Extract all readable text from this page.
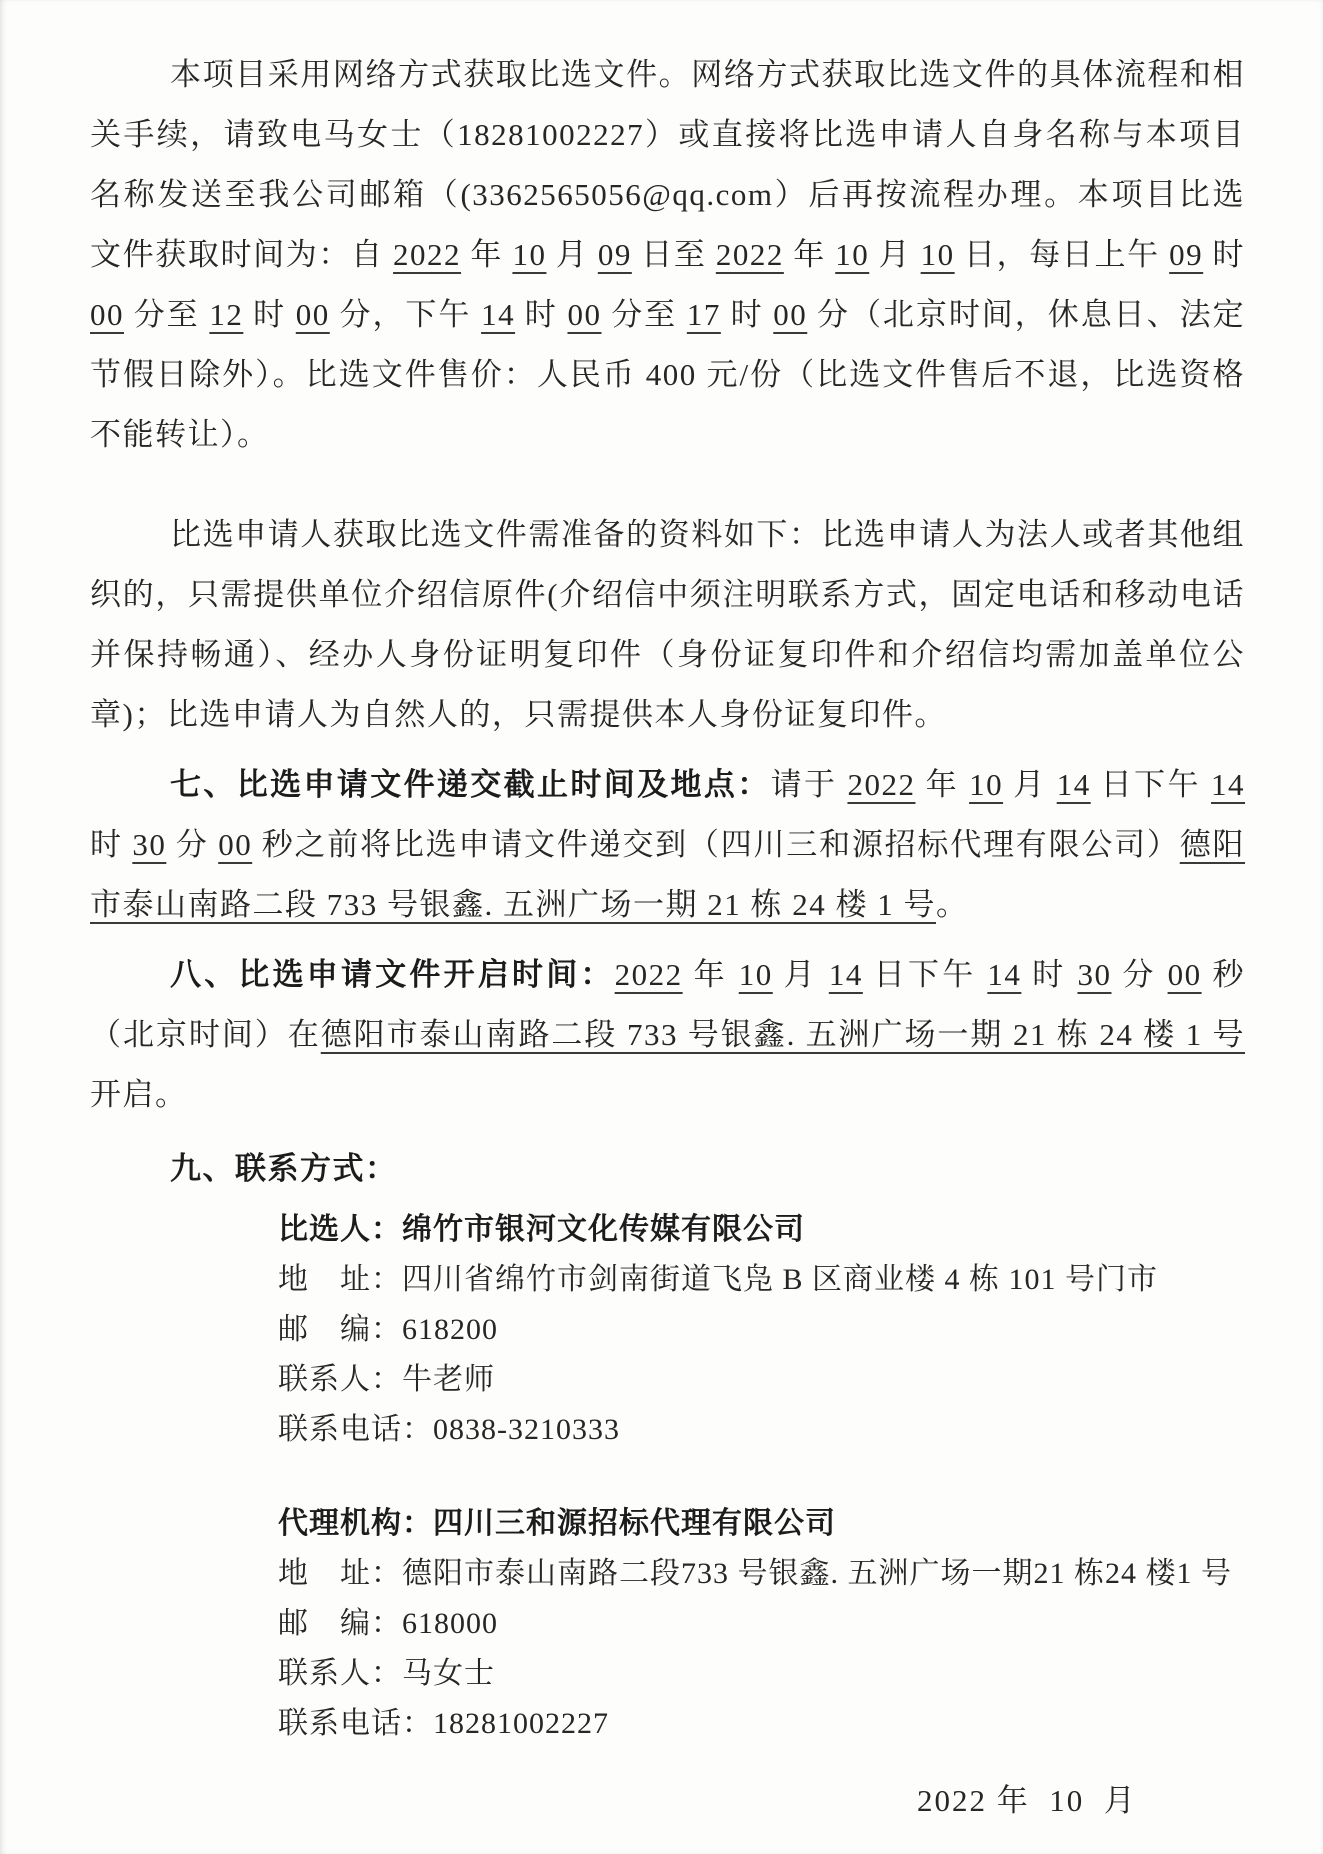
本项目采用网络方式获取比选文件。网络方式获取比选文件的具体流程和相关手续，请致电马女士（18281002227）或直接将比选申请人自身名称与本项目名称发送至我公司邮箱（(3362565056@qq.com）后再按流程办理。本项目比选文件获取时间为：自 2022 年 10 月 09 日至 2022 年 10 月 10 日，每日上午 09 时 00 分至 12 时 00 分，下午 14 时 00 分至 17 时 00 分（北京时间，休息日、法定节假日除外）。比选文件售价：人民币 400 元/份（比选文件售后不退，比选资格不能转让）。

比选申请人获取比选文件需准备的资料如下：比选申请人为法人或者其他组织的，只需提供单位介绍信原件(介绍信中须注明联系方式，固定电话和移动电话并保持畅通）、经办人身份证明复印件（身份证复印件和介绍信均需加盖单位公章)；比选申请人为自然人的，只需提供本人身份证复印件。

七、比选申请文件递交截止时间及地点：请于 2022 年 10 月 14 日下午 14 时 30 分 00 秒之前将比选申请文件递交到（四川三和源招标代理有限公司）德阳市泰山南路二段 733 号银鑫. 五洲广场一期 21 栋 24 楼 1 号。

八、比选申请文件开启时间：2022 年 10 月 14 日下午 14 时 30 分 00 秒（北京时间）在德阳市泰山南路二段 733 号银鑫. 五洲广场一期 21 栋 24 楼 1 号开启。

九、联系方式：

比选人：绵竹市银河文化传媒有限公司

地　址：四川省绵竹市剑南街道飞凫 B 区商业楼 4 栋 101 号门市

邮　编：618200

联系人：牛老师

联系电话：0838-3210333

代理机构：四川三和源招标代理有限公司

地　址：德阳市泰山南路二段733 号银鑫. 五洲广场一期21 栋24 楼1 号

邮　编：618000

联系人：马女士

联系电话：18281002227

2022 年  10  月
